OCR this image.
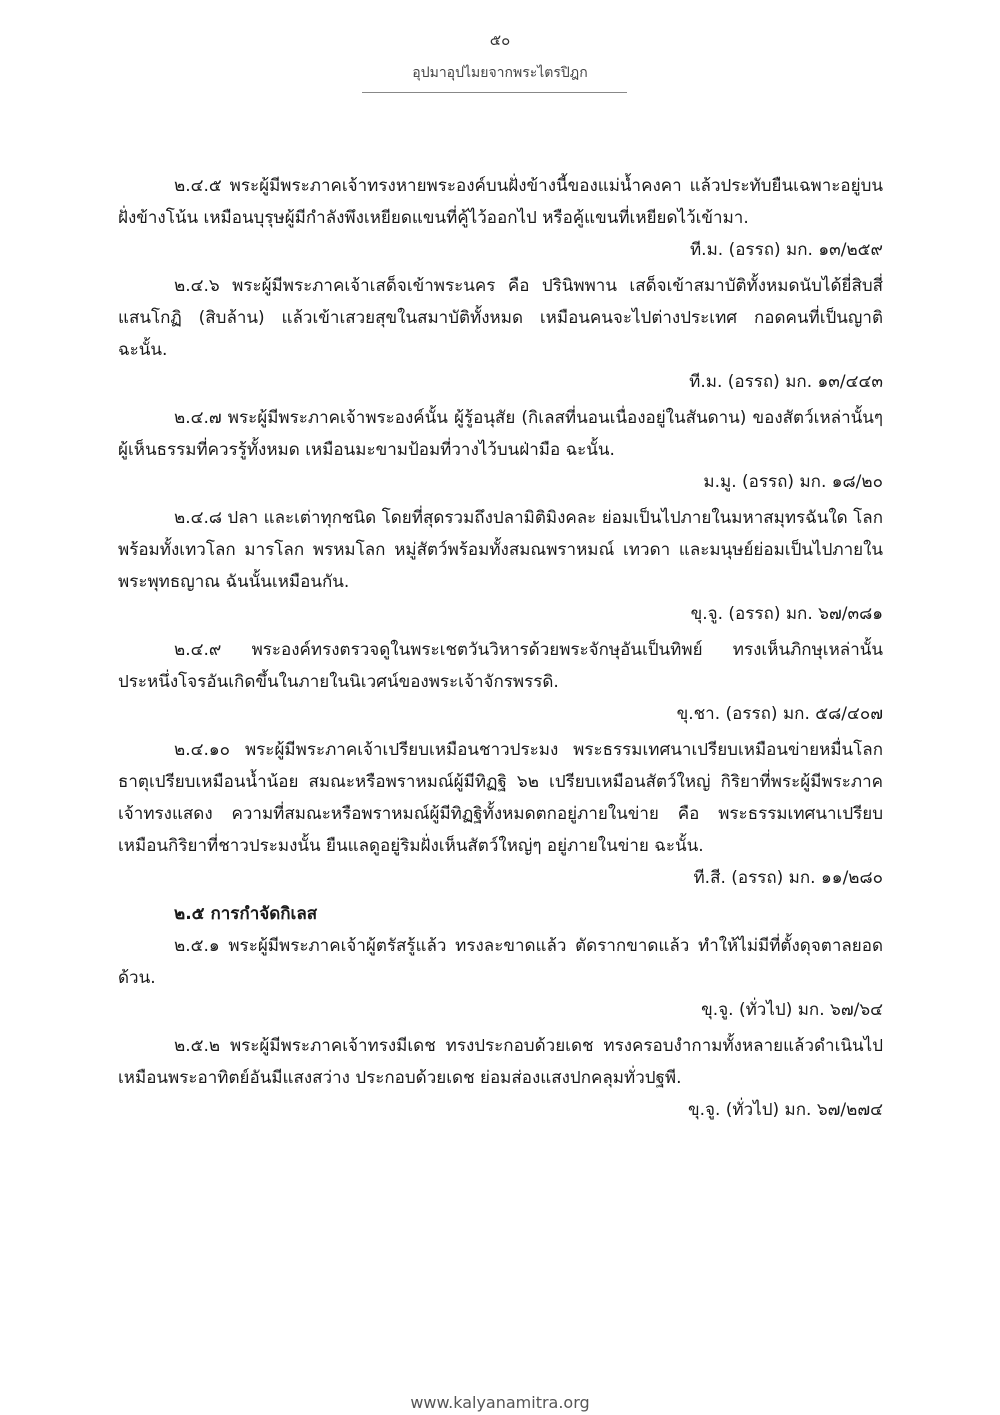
๕๐
อุปมาอุปไมยจากพระไตรปิฎก

๒.๔.๕ พระผู้มีพระภาคเจ้าทรงหายพระองค์บนฝั่งข้างนี้ของแม่น้ำคงคา แล้วประทับยืนเฉพาะอยู่บนฝั่งข้างโน้น เหมือนบุรุษผู้มีกำลังพึงเหยียดแขนที่คู้ไว้ออกไป หรือคู้แขนที่เหยียดไว้เข้ามา.

ที.ม. (อรรถ) มก. ๑๓/๒๕๙

๒.๔.๖ พระผู้มีพระภาคเจ้าเสด็จเข้าพระนคร คือ ปรินิพพาน เสด็จเข้าสมาบัติทั้งหมดนับได้ยี่สิบสี่แสนโกฏิ (สิบล้าน) แล้วเข้าเสวยสุขในสมาบัติทั้งหมด เหมือนคนจะไปต่างประเทศ กอดคนที่เป็นญาติ ฉะนั้น.

ที.ม. (อรรถ) มก. ๑๓/๔๔๓

๒.๔.๗ พระผู้มีพระภาคเจ้าพระองค์นั้น ผู้รู้อนุสัย (กิเลสที่นอนเนื่องอยู่ในสันดาน) ของสัตว์เหล่านั้นๆ ผู้เห็นธรรมที่ควรรู้ทั้งหมด เหมือนมะขามป้อมที่วางไว้บนฝ่ามือ ฉะนั้น.

ม.มู. (อรรถ) มก. ๑๘/๒๐

๒.๔.๘ ปลา และเต่าทุกชนิด โดยที่สุดรวมถึงปลามิติมิงคละ ย่อมเป็นไปภายในมหาสมุทรฉันใด โลกพร้อมทั้งเทวโลก มารโลก พรหมโลก หมู่สัตว์พร้อมทั้งสมณพราหมณ์ เทวดา และมนุษย์ย่อมเป็นไปภายในพระพุทธญาณ ฉันนั้นเหมือนกัน.

ขุ.จู. (อรรถ) มก. ๖๗/๓๘๑

๒.๔.๙ พระองค์ทรงตรวจดูในพระเชตวันวิหารด้วยพระจักษุอันเป็นทิพย์ ทรงเห็นภิกษุเหล่านั้น ประหนึ่งโจรอันเกิดขึ้นในภายในนิเวศน์ของพระเจ้าจักรพรรดิ.

ขุ.ชา. (อรรถ) มก. ๕๘/๔๐๗

๒.๔.๑๐ พระผู้มีพระภาคเจ้าเปรียบเหมือนชาวประมง พระธรรมเทศนาเปรียบเหมือนข่ายหมื่นโลกธาตุเปรียบเหมือนน้ำน้อย สมณะหรือพราหมณ์ผู้มีทิฏฐิ ๖๒ เปรียบเหมือนสัตว์ใหญ่ กิริยาที่พระผู้มีพระภาคเจ้าทรงแสดง ความที่สมณะหรือพราหมณ์ผู้มีทิฏฐิทั้งหมดตกอยู่ภายในข่าย คือ พระธรรมเทศนาเปรียบเหมือนกิริยาที่ชาวประมงนั้น ยืนแลดูอยู่ริมฝั่งเห็นสัตว์ใหญ่ๆ อยู่ภายในข่าย ฉะนั้น.

ที.สี. (อรรถ) มก. ๑๑/๒๘๐

๒.๕ การกำจัดกิเลส

๒.๕.๑ พระผู้มีพระภาคเจ้าผู้ตรัสรู้แล้ว ทรงละขาดแล้ว ตัดรากขาดแล้ว ทำให้ไม่มีที่ตั้งดุจตาลยอดด้วน.

ขุ.จู. (ทั่วไป) มก. ๖๗/๖๔

๒.๕.๒ พระผู้มีพระภาคเจ้าทรงมีเดช ทรงประกอบด้วยเดช ทรงครอบงำกามทั้งหลายแล้วดำเนินไป เหมือนพระอาทิตย์อันมีแสงสว่าง ประกอบด้วยเดช ย่อมส่องแสงปกคลุมทั่วปฐพี.

ขุ.จู. (ทั่วไป) มก. ๖๗/๒๗๔

www.kalyanamitra.org
